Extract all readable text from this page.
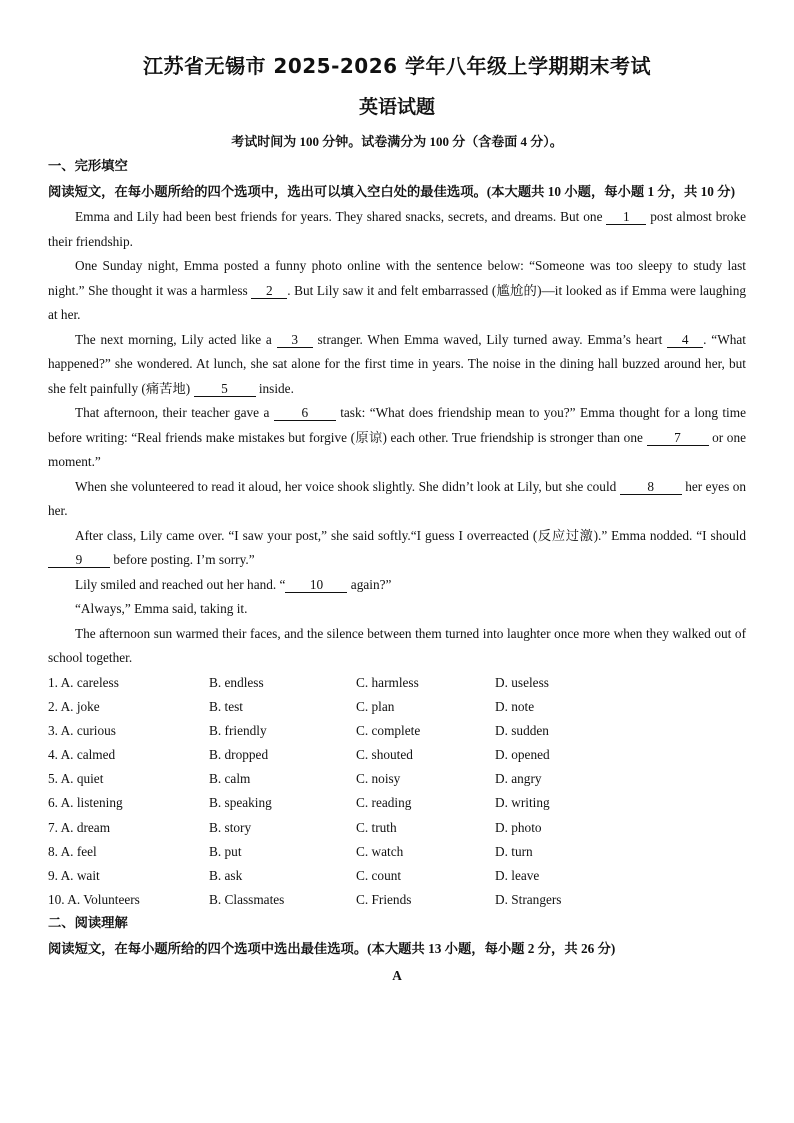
江苏省无锡市 2025-2026 学年八年级上学期期末考试
英语试题
考试时间为 100 分钟。试卷满分为 100 分（含卷面 4 分）。
一、完形填空
阅读短文，在每小题所给的四个选项中，选出可以填入空白处的最佳选项。(本大题共 10 小题，每小题 1 分，共 10 分)
Emma and Lily had been best friends for years. They shared snacks, secrets, and dreams. But one 1 post almost broke their friendship.
One Sunday night, Emma posted a funny photo online with the sentence below: “Someone was too sleepy to study last night.” She thought it was a harmless 2 . But Lily saw it and felt embarrassed (尴尬的)—it looked as if Emma were laughing at her.
The next morning, Lily acted like a 3 stranger. When Emma waved, Lily turned away. Emma’s heart 4 . “What happened?” she wondered. At lunch, she sat alone for the first time in years. The noise in the dining hall buzzed around her, but she felt painfully (痛苦地) 5 inside.
That afternoon, their teacher gave a 6 task: “What does friendship mean to you?” Emma thought for a long time before writing: “Real friends make mistakes but forgive (原谅) each other. True friendship is stronger than one 7 or one moment.”
When she volunteered to read it aloud, her voice shook slightly. She didn’t look at Lily, but she could 8 her eyes on her.
After class, Lily came over. “I saw your post,” she said softly.“I guess I overreacted (反应过激).” Emma nodded. “I should 9 before posting. I’m sorry.”
Lily smiled and reached out her hand. “ 10 again?”
“Always,” Emma said, taking it.
The afternoon sun warmed their faces, and the silence between them turned into laughter once more when they walked out of school together.
1. A. careless	B. endless	C. harmless	D. useless
2. A. joke	B. test	C. plan	D. note
3. A. curious	B. friendly	C. complete	D. sudden
4. A. calmed	B. dropped	C. shouted	D. opened
5. A. quiet	B. calm	C. noisy	D. angry
6. A. listening	B. speaking	C. reading	D. writing
7. A. dream	B. story	C. truth	D. photo
8. A. feel	B. put	C. watch	D. turn
9. A. wait	B. ask	C. count	D. leave
10. A. Volunteers	B. Classmates	C. Friends	D. Strangers
二、阅读理解
阅读短文，在每小题所给的四个选项中选出最佳选项。(本大题共 13 小题，每小题 2 分，共 26 分)
A
